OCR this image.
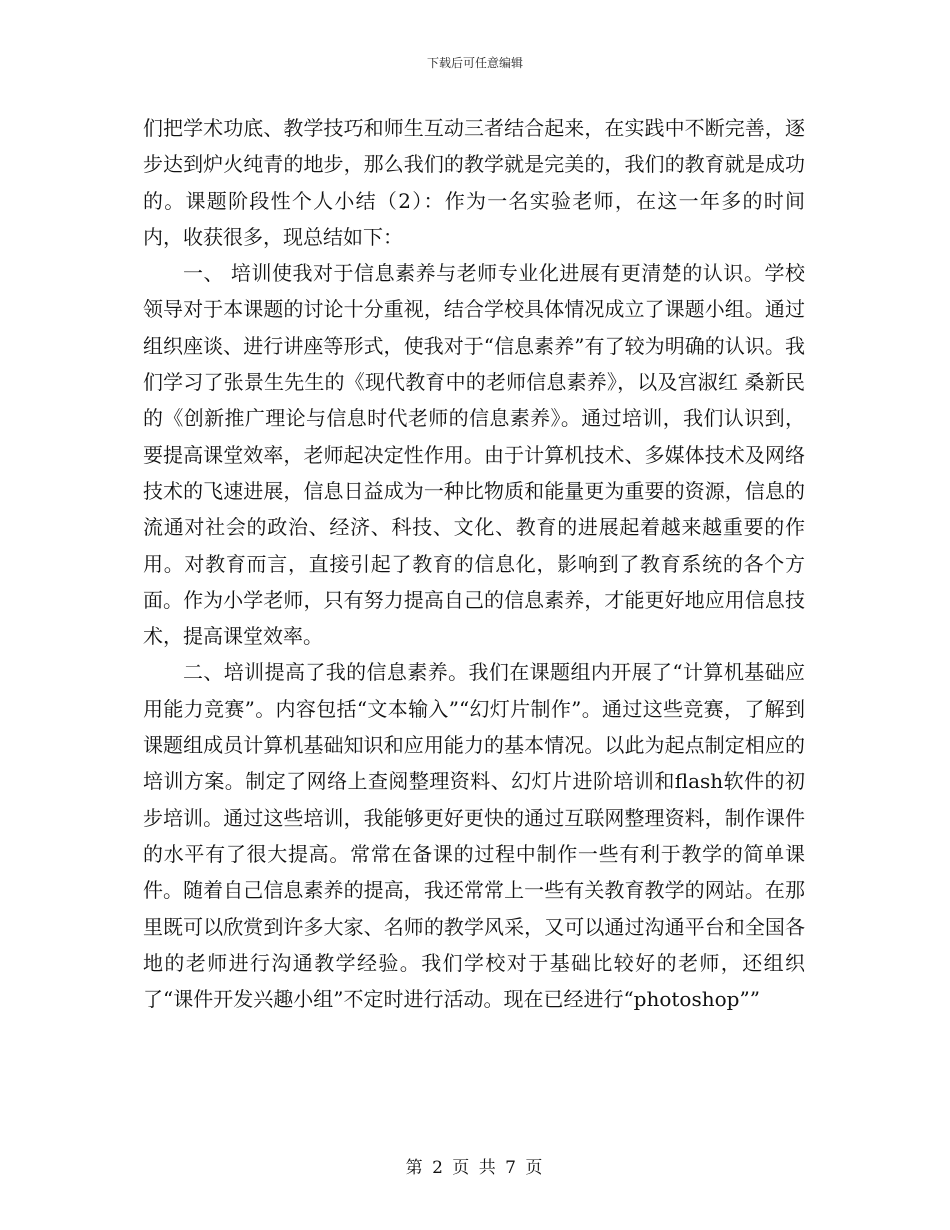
下载后可任意编辑

们把学术功底、教学技巧和师生互动三者结合起来，在实践中不断完善，逐步达到炉火纯青的地步，那么我们的教学就是完美的，我们的教育就是成功的。课题阶段性个人小结（2）：作为一名实验老师，在这一年多的时间内，收获很多，现总结如下：

一、 培训使我对于信息素养与老师专业化进展有更清楚的认识。学校领导对于本课题的讨论十分重视，结合学校具体情况成立了课题小组。通过组织座谈、进行讲座等形式，使我对于“信息素养”有了较为明确的认识。我们学习了张景生先生的《现代教育中的老师信息素养》，以及宫淑红 桑新民的《创新推广理论与信息时代老师的信息素养》。通过培训，我们认识到，要提高课堂效率，老师起决定性作用。由于计算机技术、多媒体技术及网络技术的飞速进展，信息日益成为一种比物质和能量更为重要的资源，信息的流通对社会的政治、经济、科技、文化、教育的进展起着越来越重要的作用。对教育而言，直接引起了教育的信息化，影响到了教育系统的各个方面。作为小学老师，只有努力提高自己的信息素养，才能更好地应用信息技术，提高课堂效率。

二、培训提高了我的信息素养。我们在课题组内开展了“计算机基础应用能力竞赛”。内容包括“文本输入”“幻灯片制作”。通过这些竞赛，了解到课题组成员计算机基础知识和应用能力的基本情况。以此为起点制定相应的培训方案。制定了网络上查阅整理资料、幻灯片进阶培训和flash软件的初步培训。通过这些培训，我能够更好更快的通过互联网整理资料，制作课件的水平有了很大提高。常常在备课的过程中制作一些有利于教学的简单课件。随着自己信息素养的提高，我还常常上一些有关教育教学的网站。在那里既可以欣赏到许多大家、名师的教学风采，又可以通过沟通平台和全国各地的老师进行沟通教学经验。我们学校对于基础比较好的老师，还组织了“课件开发兴趣小组”不定时进行活动。现在已经进行“photoshop””

第 2 页 共 7 页
